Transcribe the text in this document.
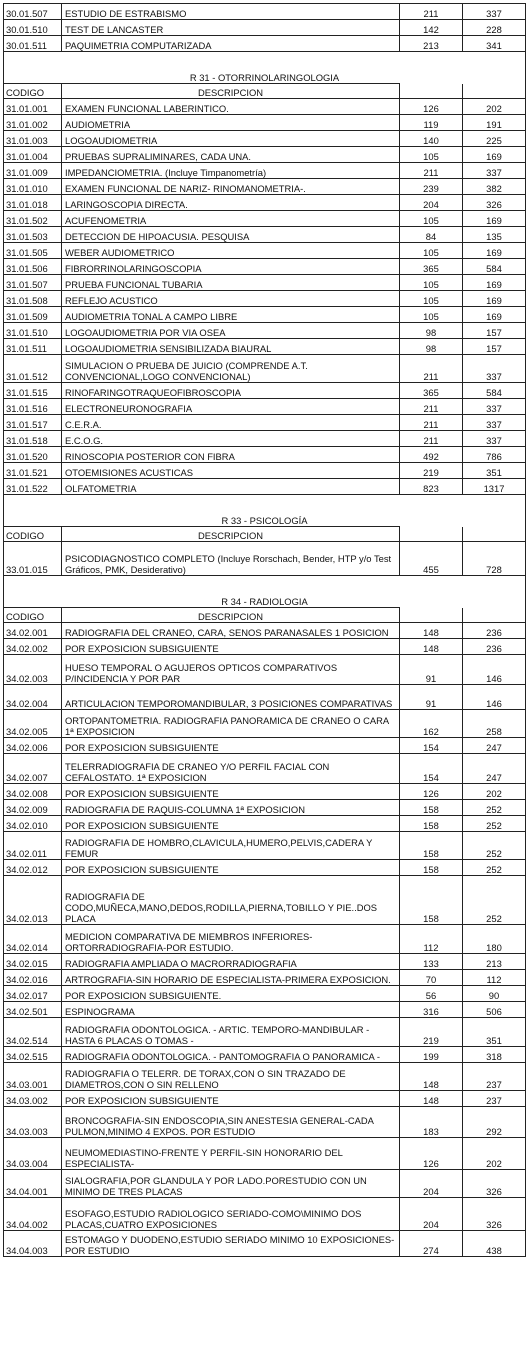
30.01.507	ESTUDIO DE ESTRABISMO	211	337
30.01.510	TEST DE LANCASTER	142	228
30.01.511	PAQUIMETRIA COMPUTARIZADA	213	341

R 31 - OTORRINOLARINGOLOGIA			
CODIGO	DESCRIPCION		
31.01.001	EXAMEN FUNCIONAL LABERINTICO.	126	202
31.01.002	AUDIOMETRIA	119	191
31.01.003	LOGOAUDIOMETRIA	140	225
31.01.004	PRUEBAS SUPRALIMINARES, CADA UNA.	105	169
31.01.009	IMPEDANCIOMETRIA. (Incluye Timpanometría)	211	337
31.01.010	EXAMEN FUNCIONAL DE NARIZ- RINOMANOMETRIA-.	239	382
31.01.018	LARINGOSCOPIA DIRECTA.	204	326
31.01.502	ACUFENOMETRIA	105	169
31.01.503	DETECCION DE HIPOACUSIA. PESQUISA	84	135
31.01.505	WEBER AUDIOMETRICO	105	169
31.01.506	FIBRORRINOLARINGOSCOPIA	365	584
31.01.507	PRUEBA FUNCIONAL TUBARIA	105	169
31.01.508	REFLEJO ACUSTICO	105	169
31.01.509	AUDIOMETRIA TONAL A CAMPO LIBRE	105	169
31.01.510	LOGOAUDIOMETRIA POR VIA OSEA	98	157
31.01.511	LOGOAUDIOMETRIA SENSIBILIZADA BIAURAL	98	157
31.01.512	SIMULACION O PRUEBA DE JUICIO (COMPRENDE A.T. CONVENCIONAL,LOGO CONVENCIONAL)	211	337
31.01.515	RINOFARINGOTRAQUEOFIBROSCOPIA	365	584
31.01.516	ELECTRONEURONOGRAFIA	211	337
31.01.517	C.E.R.A.	211	337
31.01.518	E.C.O.G.	211	337
31.01.520	RINOSCOPIA POSTERIOR CON FIBRA	492	786
31.01.521	OTOEMISIONES ACUSTICAS	219	351
31.01.522	OLFATOMETRIA	823	1317

R 33 - PSICOLOGÍA			
CODIGO	DESCRIPCION		
33.01.015	PSICODIAGNOSTICO COMPLETO (Incluye Rorschach, Bender, HTP y/o Test Gráficos, PMK, Desiderativo)	455	728

R 34 - RADIOLOGIA			
CODIGO	DESCRIPCION		
34.02.001	RADIOGRAFIA DEL CRANEO, CARA, SENOS PARANASALES 1 POSICION	148	236
34.02.002	POR EXPOSICION SUBSIGUIENTE	148	236
34.02.003	HUESO TEMPORAL O AGUJEROS OPTICOS COMPARATIVOS P/INCIDENCIA Y POR PAR	91	146
34.02.004	ARTICULACION TEMPOROMANDIBULAR, 3 POSICIONES COMPARATIVAS	91	146
34.02.005	ORTOPANTOMETRIA. RADIOGRAFIA PANORAMICA DE CRANEO O CARA 1ª EXPOSICION	162	258
34.02.006	POR EXPOSICION SUBSIGUIENTE	154	247
34.02.007	TELERRADIOGRAFIA DE CRANEO Y/O PERFIL FACIAL CON CEFALOSTATO. 1ª EXPOSICION	154	247
34.02.008	POR EXPOSICION SUBSIGUIENTE	126	202
34.02.009	RADIOGRAFIA DE RAQUIS-COLUMNA 1ª EXPOSICION	158	252
34.02.010	POR EXPOSICION SUBSIGUIENTE	158	252
34.02.011	RADIOGRAFIA DE HOMBRO,CLAVICULA,HUMERO,PELVIS,CADERA Y FEMUR	158	252
34.02.012	POR EXPOSICION SUBSIGUIENTE	158	252
34.02.013	RADIOGRAFIA DE CODO,MUÑECA,MANO,DEDOS,RODILLA,PIERNA,TOBILLO Y PIE..DOS PLACA	158	252
34.02.014	MEDICION COMPARATIVA DE MIEMBROS INFERIORES-ORTORRADIOGRAFIA-POR ESTUDIO.	112	180
34.02.015	RADIOGRAFIA AMPLIADA O MACRORRADIOGRAFIA	133	213
34.02.016	ARTROGRAFIA-SIN HORARIO DE ESPECIALISTA-PRIMERA EXPOSICION.	70	112
34.02.017	POR EXPOSICION SUBSIGUIENTE.	56	90
34.02.501	ESPINOGRAMA	316	506
34.02.514	RADIOGRAFIA ODONTOLOGICA. - ARTIC. TEMPORO-MANDIBULAR - HASTA 6 PLACAS O TOMAS -	219	351
34.02.515	RADIOGRAFIA ODONTOLOGICA. - PANTOMOGRAFIA O PANORAMICA -	199	318
34.03.001	RADIOGRAFIA O TELERR. DE TORAX,CON O SIN TRAZADO DE DIAMETROS,CON O SIN RELLENO	148	237
34.03.002	POR EXPOSICION SUBSIGUIENTE	148	237
34.03.003	BRONCOGRAFIA-SIN ENDOSCOPIA,SIN ANESTESIA GENERAL-CADA PULMON,MINIMO 4 EXPOS. POR ESTUDIO	183	292
34.03.004	NEUMOMEDIASTINO-FRENTE Y PERFIL-SIN HONORARIO DEL ESPECIALISTA-	126	202
34.04.001	SIALOGRAFIA,POR GLANDULA Y POR LADO.PORESTUDIO CON UN MINIMO DE TRES PLACAS	204	326
34.04.002	ESOFAGO,ESTUDIO RADIOLOGICO SERIADO-COMO\MINIMO DOS PLACAS,CUATRO EXPOSICIONES	204	326
34.04.003	ESTOMAGO Y DUODENO,ESTUDIO SERIADO MINIMO 10 EXPOSICIONES-POR ESTUDIO	274	438
